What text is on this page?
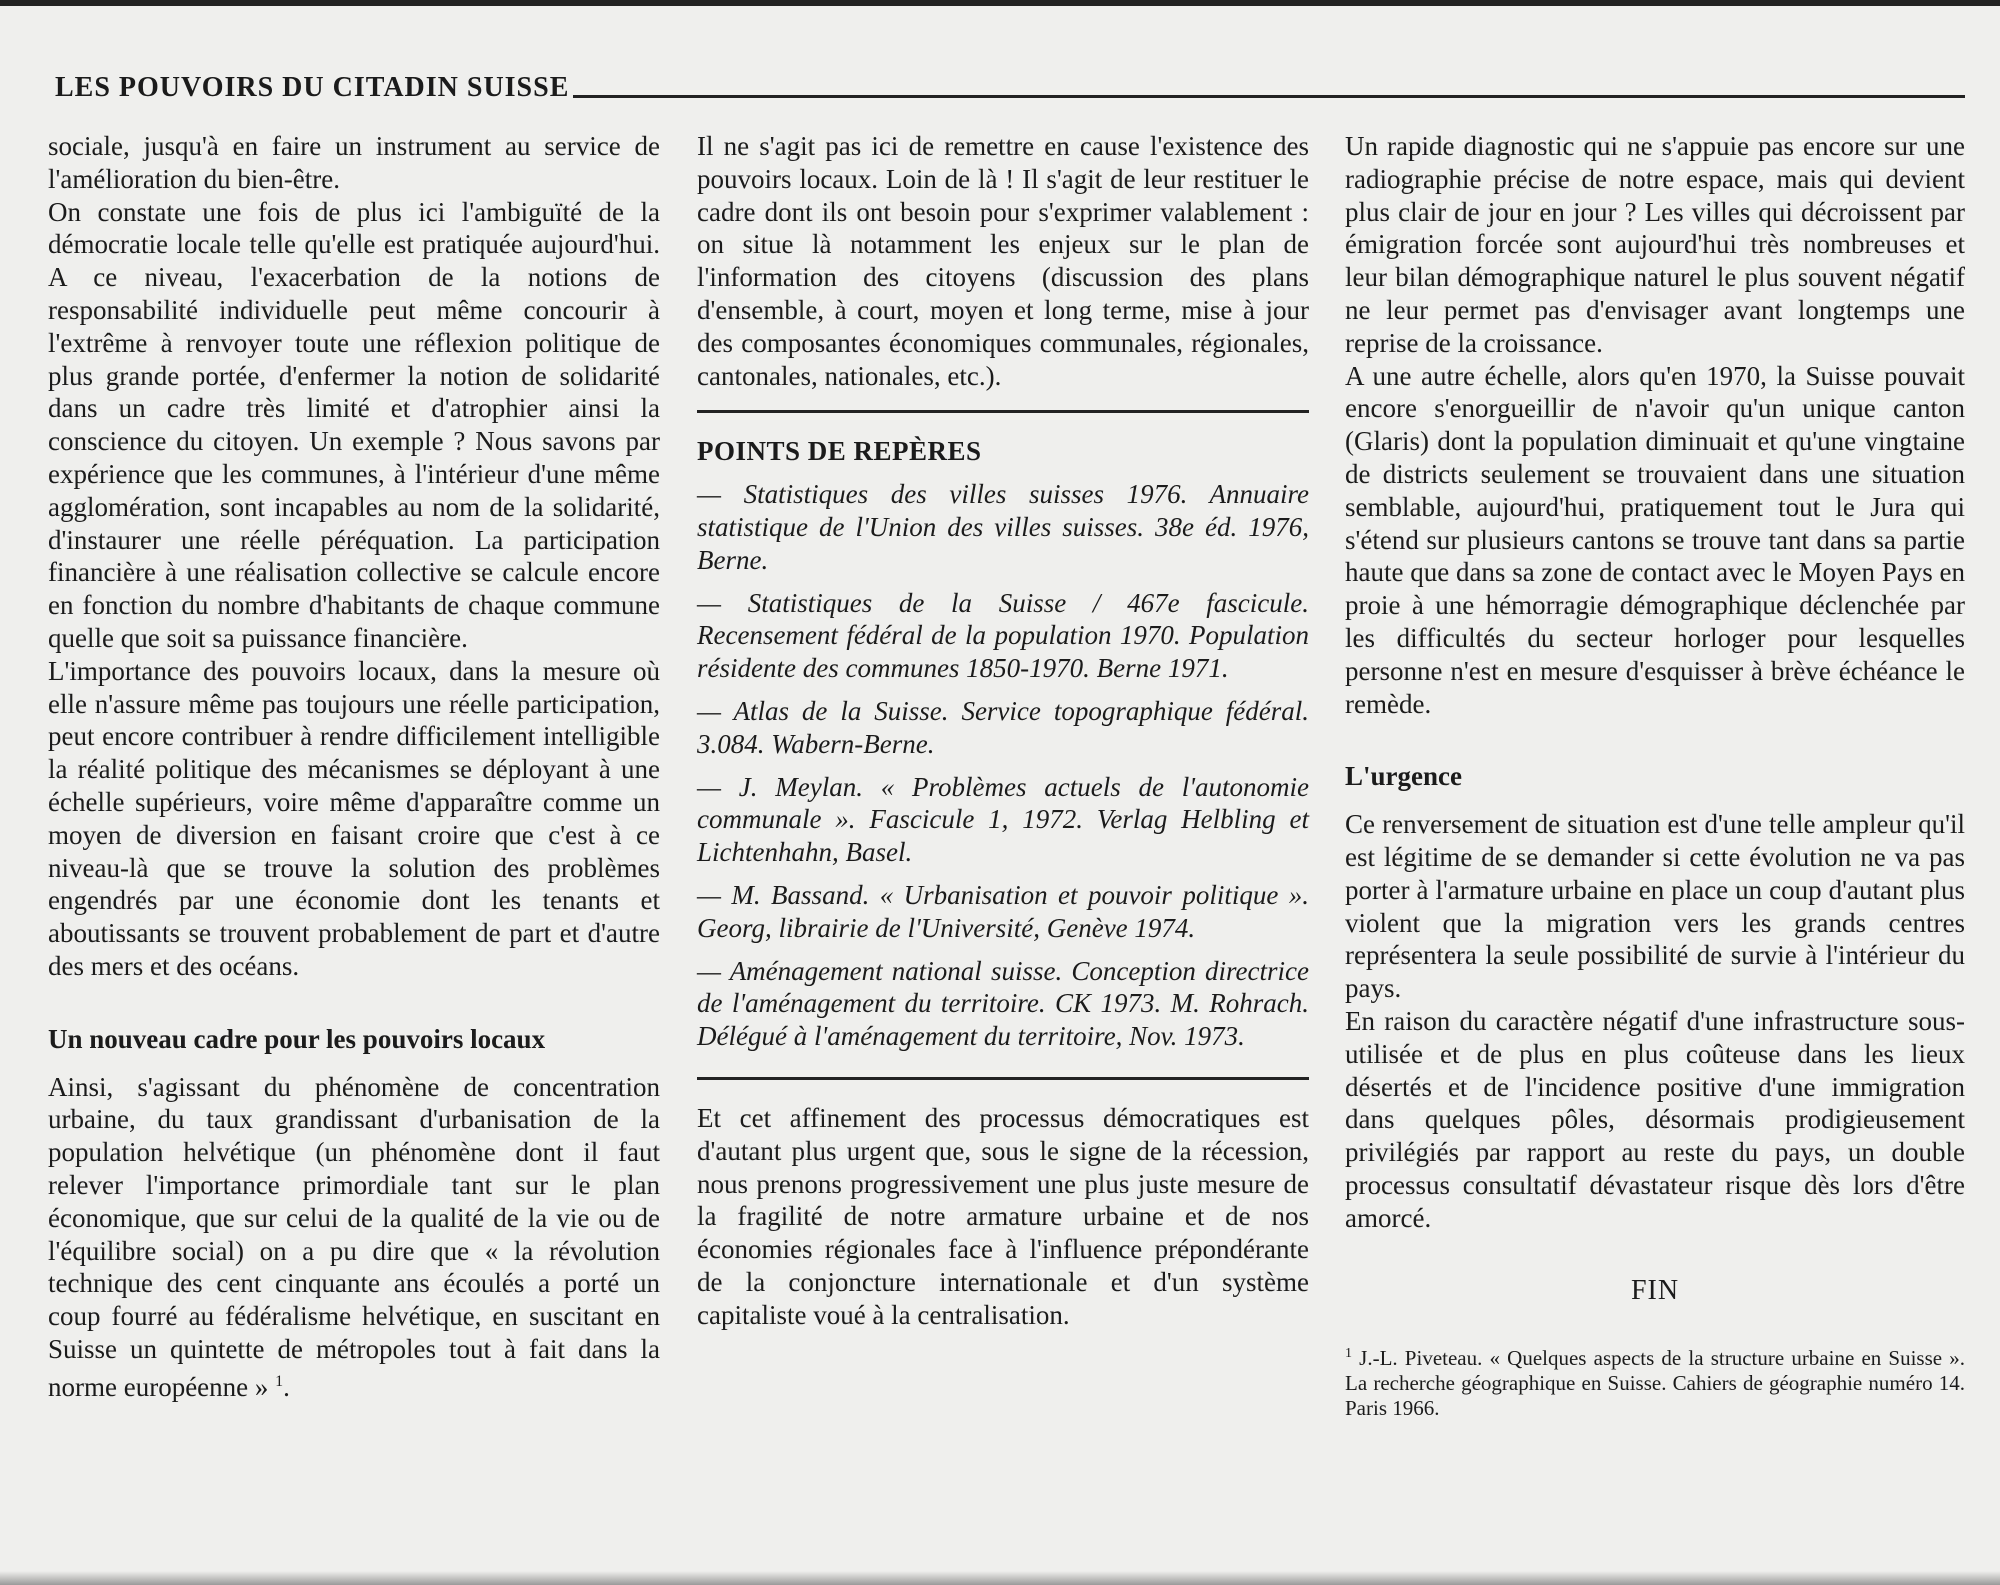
LES POUVOIRS DU CITADIN SUISSE

sociale, jusqu'à en faire un instrument au service de l'amélioration du bien-être.

On constate une fois de plus ici l'ambiguïté de la démocratie locale telle qu'elle est pratiquée aujourd'hui. A ce niveau, l'exacerbation de la notions de responsabilité individuelle peut même concourir à l'extrême à renvoyer toute une réflexion politique de plus grande portée, d'enfermer la notion de solidarité dans un cadre très limité et d'atrophier ainsi la conscience du citoyen. Un exemple ? Nous savons par expérience que les communes, à l'intérieur d'une même agglomération, sont incapables au nom de la solidarité, d'instaurer une réelle péréquation. La participation financière à une réalisation collective se calcule encore en fonction du nombre d'habitants de chaque commune quelle que soit sa puissance financière.

L'importance des pouvoirs locaux, dans la mesure où elle n'assure même pas toujours une réelle participation, peut encore contribuer à rendre difficilement intelligible la réalité politique des mécanismes se déployant à une échelle supérieurs, voire même d'apparaître comme un moyen de diversion en faisant croire que c'est à ce niveau-là que se trouve la solution des problèmes engendrés par une économie dont les tenants et aboutissants se trouvent probablement de part et d'autre des mers et des océans.

Un nouveau cadre pour les pouvoirs locaux

Ainsi, s'agissant du phénomène de concentration urbaine, du taux grandissant d'urbanisation de la population helvétique (un phénomène dont il faut relever l'importance primordiale tant sur le plan économique, que sur celui de la qualité de la vie ou de l'équilibre social) on a pu dire que « la révolution technique des cent cinquante ans écoulés a porté un coup fourré au fédéralisme helvétique, en suscitant en Suisse un quintette de métropoles tout à fait dans la norme européenne » $^1$.

Il ne s'agit pas ici de remettre en cause l'existence des pouvoirs locaux. Loin de là ! Il s'agit de leur restituer le cadre dont ils ont besoin pour s'exprimer valablement : on situe là notamment les enjeux sur le plan de l'information des citoyens (discussion des plans d'ensemble, à court, moyen et long terme, mise à jour des composantes économiques communales, régionales, cantonales, nationales, etc.).

POINTS DE REPÈRES

— Statistiques des villes suisses 1976. Annuaire statistique de l'Union des villes suisses. 38e éd. 1976, Berne.

— Statistiques de la Suisse / 467e fascicule. Recensement fédéral de la population 1970. Population résidente des communes 1850-1970. Berne 1971.

— Atlas de la Suisse. Service topographique fédéral. 3.084. Wabern-Berne.

— J. Meylan. « Problèmes actuels de l'autonomie communale ». Fascicule 1, 1972. Verlag Helbling et Lichtenhahn, Basel.

— M. Bassand. « Urbanisation et pouvoir politique ». Georg, librairie de l'Université, Genève 1974.

— Aménagement national suisse. Conception directrice de l'aménagement du territoire. CK 1973. M. Rohrach. Délégué à l'aménagement du territoire, Nov. 1973.

Et cet affinement des processus démocratiques est d'autant plus urgent que, sous le signe de la récession, nous prenons progressivement une plus juste mesure de la fragilité de notre armature urbaine et de nos économies régionales face à l'influence prépondérante de la conjoncture internationale et d'un système capitaliste voué à la centralisation.

Un rapide diagnostic qui ne s'appuie pas encore sur une radiographie précise de notre espace, mais qui devient plus clair de jour en jour ? Les villes qui décroissent par émigration forcée sont aujourd'hui très nombreuses et leur bilan démographique naturel le plus souvent négatif ne leur permet pas d'envisager avant longtemps une reprise de la croissance.

A une autre échelle, alors qu'en 1970, la Suisse pouvait encore s'enorgueillir de n'avoir qu'un unique canton (Glaris) dont la population diminuait et qu'une vingtaine de districts seulement se trouvaient dans une situation semblable, aujourd'hui, pratiquement tout le Jura qui s'étend sur plusieurs cantons se trouve tant dans sa partie haute que dans sa zone de contact avec le Moyen Pays en proie à une hémorragie démographique déclenchée par les difficultés du secteur horloger pour lesquelles personne n'est en mesure d'esquisser à brève échéance le remède.

L'urgence

Ce renversement de situation est d'une telle ampleur qu'il est légitime de se demander si cette évolution ne va pas porter à l'armature urbaine en place un coup d'autant plus violent que la migration vers les grands centres représentera la seule possibilité de survie à l'intérieur du pays.

En raison du caractère négatif d'une infrastructure sous-utilisée et de plus en plus coûteuse dans les lieux désertés et de l'incidence positive d'une immigration dans quelques pôles, désormais prodigieusement privilégiés par rapport au reste du pays, un double processus consultatif dévastateur risque dès lors d'être amorcé.

FIN

$^1$ J.-L. Piveteau. « Quelques aspects de la structure urbaine en Suisse ». La recherche géographique en Suisse. Cahiers de géographie numéro 14. Paris 1966.
